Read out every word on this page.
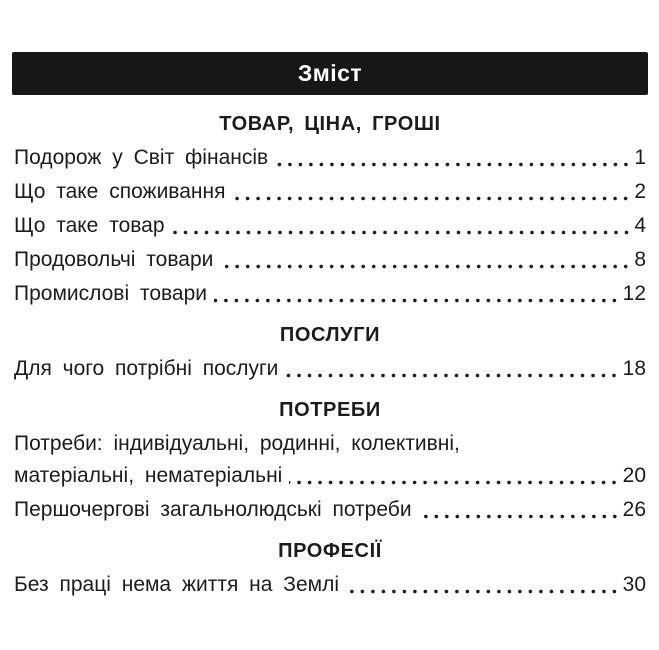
Зміст
ТОВАР, ЦІНА, ГРОШІ
Подорож у Світ фінансів	1
Що таке споживання	2
Що таке товар	4
Продовольчі товари	8
Промислові товари	12
ПОСЛУГИ
Для чого потрібні послуги	18
ПОТРЕБИ
Потреби: індивідуальні, родинні, колективні,
матеріальні, нематеріальні	20
Першочергові загальнолюдські потреби	26
ПРОФЕСІЇ
Без праці нема життя на Землі	30
